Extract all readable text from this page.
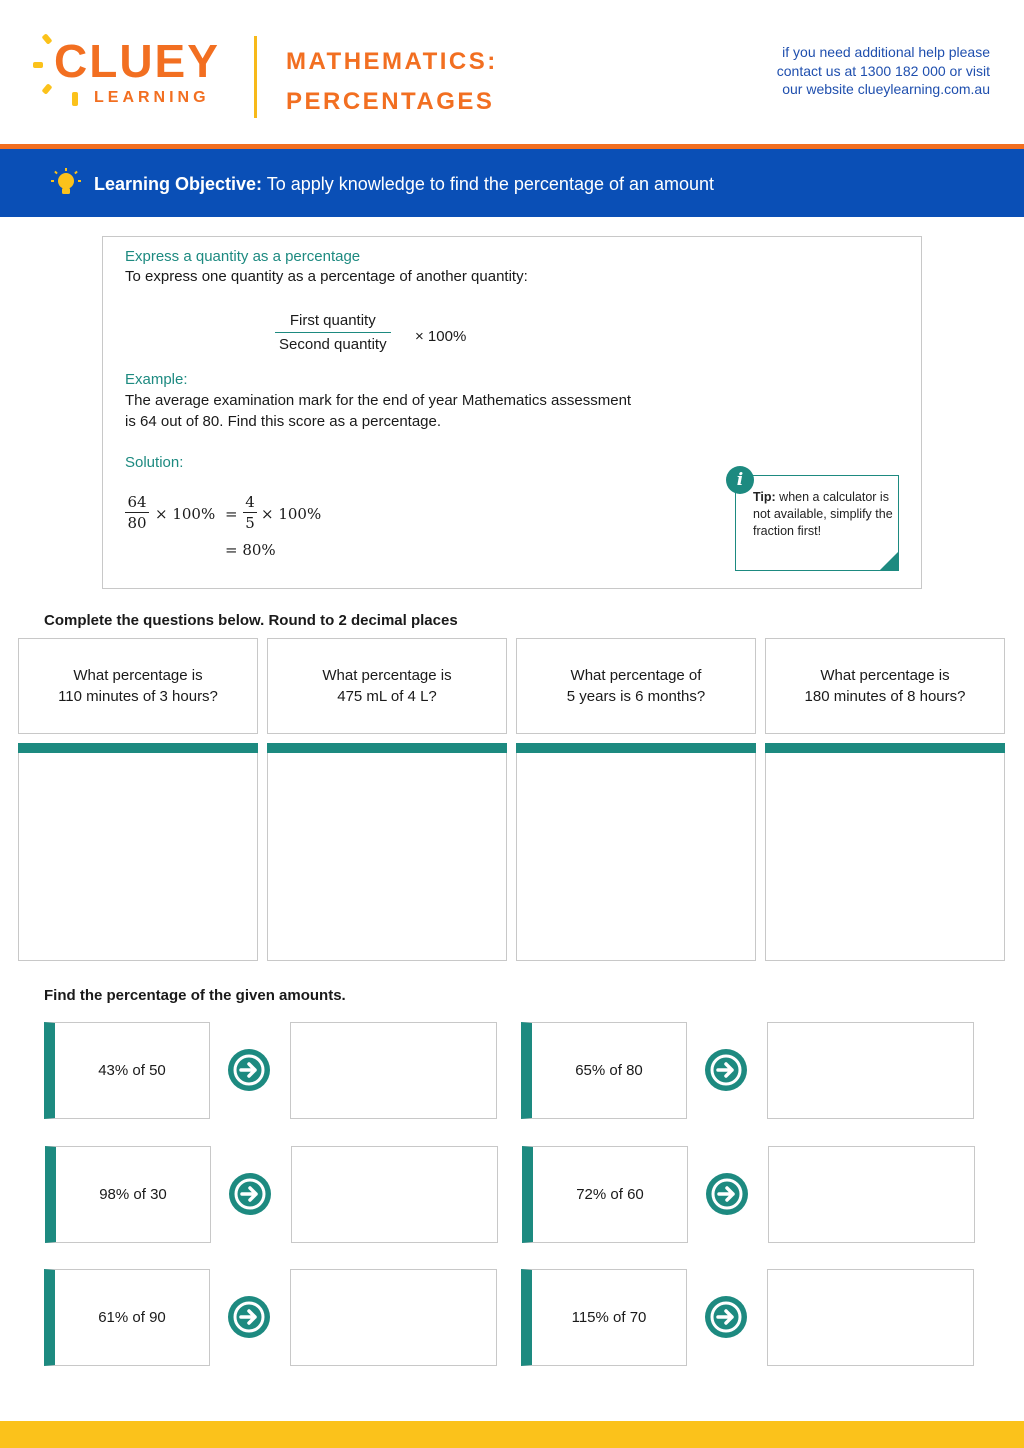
CLUEY
LEARNING
MATHEMATICS:
PERCENTAGES
if you need additional help please
contact us at 1300 182 000 or visit
our website clueylearning.com.au
Learning Objective: To apply knowledge to find the percentage of an amount
Express a quantity as a percentage
To express one quantity as a percentage of another quantity:
First quantity
Second quantity × 100%
Example:
The average examination mark for the end of year Mathematics assessment is 64 out of 80. Find this score as a percentage.
Solution:
64
80 × 100% =
4
5 × 100%
= 80%
i
Tip: when a calculator is not available, simplify the fraction first!
Complete the questions below. Round to 2 decimal places
What percentage is
110 minutes of 3 hours?
What percentage is
475 mL of 4 L?
What percentage of
5 years is 6 months?
What percentage is
180 minutes of 8 hours?
Find the percentage of the given amounts.
43% of 50	65% of 80
98% of 30	72% of 60
61% of 90	115% of 70
